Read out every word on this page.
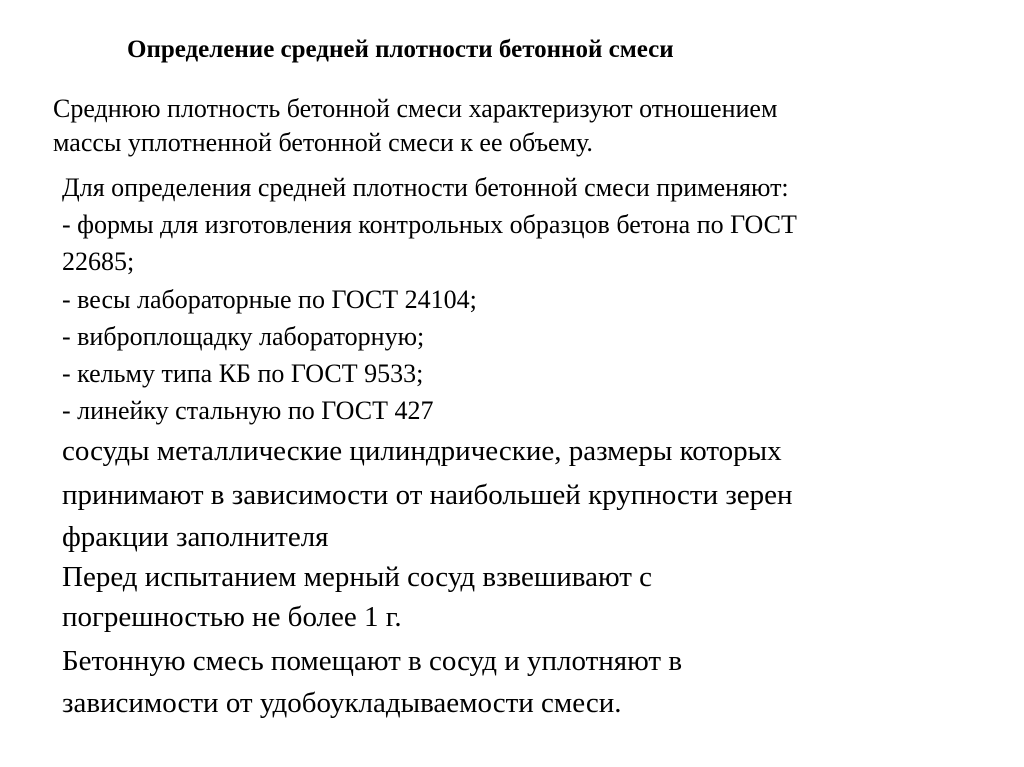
Определение средней плотности бетонной смеси
Среднюю плотность бетонной смеси характеризуют отношением
массы уплотненной бетонной смеси к ее объему.
Для определения средней плотности бетонной смеси применяют:
- формы для изготовления контрольных образцов бетона по ГОСТ
22685;
- весы лабораторные по ГОСТ 24104;
- виброплощадку лабораторную;
- кельму типа КБ по ГОСТ 9533;
- линейку стальную по ГОСТ 427
сосуды металлические цилиндрические, размеры которых
принимают в зависимости от наибольшей крупности зерен
фракции заполнителя
Перед испытанием мерный сосуд взвешивают с
погрешностью не более 1 г.
Бетонную смесь помещают в сосуд и уплотняют в
зависимости от удобоукладываемости смеси.
